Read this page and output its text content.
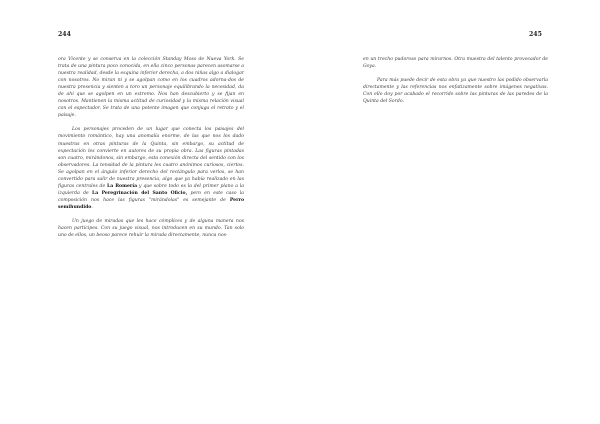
244	245

ora Vicente y se conserva en la colección Standay Moss de Nueva York. Se trata de una pintura poco conocida, en ella cinco personas parecen asomarse a nuestra realidad, desde la esquina inferior derecha, a dos niñas algo a dialogar con nosotros. No miran ni y se agolpan como en los cuadros adorna-dos de nuestra presencia y sienten a toro un personaje equilibrando la necesidad, da de ahí que se agolpen en un extremo. Nos han descubierto y se fijan en nosotros. Mantienen la misma actitud de curiosidad y la misma relación visual con el espectador. Se trata de una potente imagen que conjuga el retrato y el paisaje.

Los personajes proceden de un lugar que conecta los paisajes del movimiento romántico, hay una anomalía enorme, de las que nos los dado muestras en otras pinturas de la Quinta, sin embargo, su actitud de expectación les convierte en autores de su propia obra. Las figuras pintadas son cuatro, mirándonos, sin embargo, esta conexión directa del sentido con los observadores. La tensidad de la pintura les cuatro anónimos curiosos, ciertos. Se agolpan en el ángulo inferior derecho del rectángulo para verlos, se han convertido para salir de nuestra presencia, algo que ya había realizado en las figuras centrales de La Romería y que sobre todo es la del primer plano a la izquierda de La Peregrinación del Santo Oficio, pero en este caso la composición nos hace las figuras "mirándolas" es semejante de Perro semihundido.

Un juego de miradas que les hace cómplices y de alguna manera nos hacen partícipes. Con su juego visual, nos introducen en su mundo. Tan solo uno de ellos, un beoso parece rehuir la mirada directamente, nunca nos-

en un trecho pudoroso para mirarnos. Otra muestra del talento provocador de Goya.

Para más puede decir de esta obra ya que nuestro las podido observarla directamente y las referencias nos enfatizamente sobre imágenes negativas. Con ello doy por acabado el recorrido sobre las pinturas de las paredes de la Quinta del Sordo.
